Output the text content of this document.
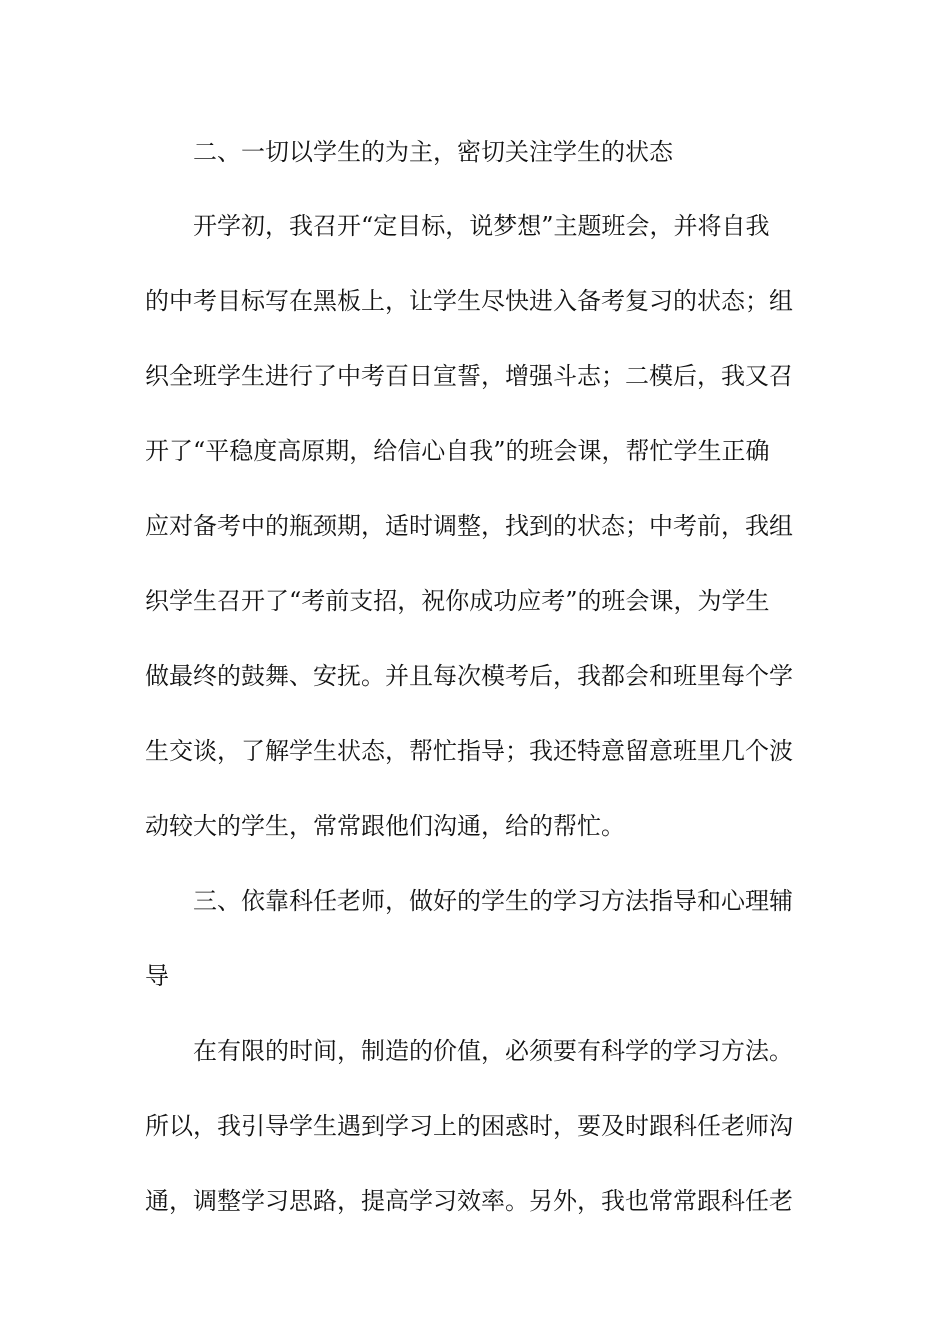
二、一切以学生的为主，密切关注学生的状态
开学初，我召开“定目标，说梦想”主题班会，并将自我
的中考目标写在黑板上，让学生尽快进入备考复习的状态；组
织全班学生进行了中考百日宣誓，增强斗志；二模后，我又召
开了“平稳度高原期，给信心自我”的班会课，帮忙学生正确
应对备考中的瓶颈期，适时调整，找到的状态；中考前，我组
织学生召开了“考前支招，祝你成功应考”的班会课，为学生
做最终的鼓舞、安抚。并且每次模考后，我都会和班里每个学
生交谈，了解学生状态，帮忙指导；我还特意留意班里几个波
动较大的学生，常常跟他们沟通，给的帮忙。
三、依靠科任老师，做好的学生的学习方法指导和心理辅
导
在有限的时间，制造的价值，必须要有科学的学习方法。
所以，我引导学生遇到学习上的困惑时，要及时跟科任老师沟
通，调整学习思路，提高学习效率。另外，我也常常跟科任老
